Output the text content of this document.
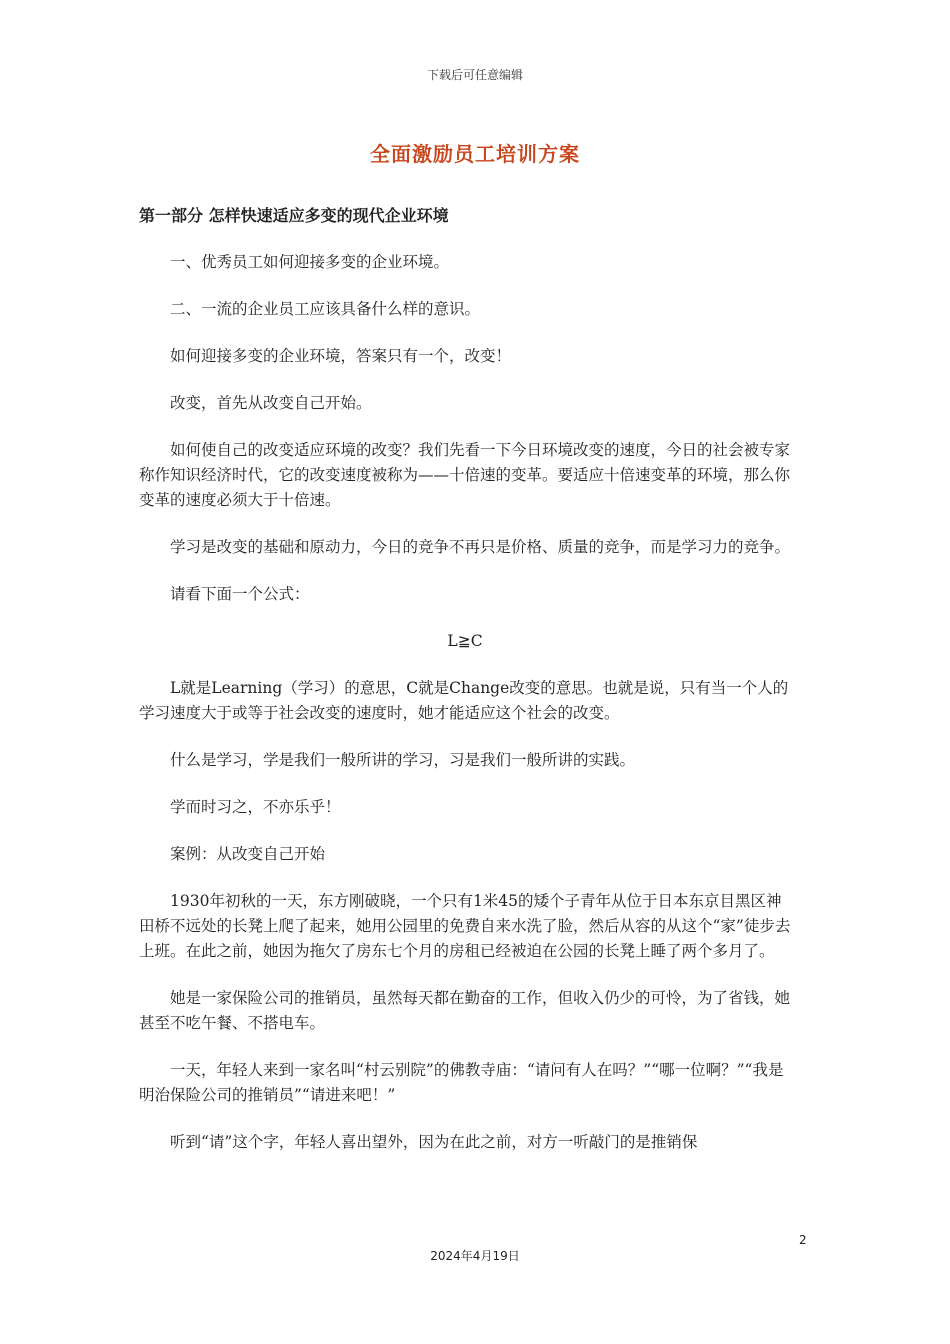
下载后可任意编辑
全面激励员工培训方案

第一部分 怎样快速适应多变的现代企业环境

一、优秀员工如何迎接多变的企业环境。

二、一流的企业员工应该具备什么样的意识。

如何迎接多变的企业环境，答案只有一个，改变！

改变，首先从改变自己开始。

如何使自己的改变适应环境的改变？我们先看一下今日环境改变的速度，今日的社会被专家称作知识经济时代，它的改变速度被称为——十倍速的变革。要适应十倍速变革的环境，那么你变革的速度必须大于十倍速。

学习是改变的基础和原动力，今日的竞争不再只是价格、质量的竞争，而是学习力的竞争。

请看下面一个公式：

L≧C

L就是Learning（学习）的意思，C就是Change改变的意思。也就是说，只有当一个人的学习速度大于或等于社会改变的速度时，她才能适应这个社会的改变。

什么是学习，学是我们一般所讲的学习，习是我们一般所讲的实践。

学而时习之，不亦乐乎！

案例：从改变自己开始

1930年初秋的一天，东方刚破晓，一个只有1米45的矮个子青年从位于日本东京目黑区神田桥不远处的长凳上爬了起来，她用公园里的免费自来水洗了脸，然后从容的从这个“家”徒步去上班。在此之前，她因为拖欠了房东七个月的房租已经被迫在公园的长凳上睡了两个多月了。

她是一家保险公司的推销员，虽然每天都在勤奋的工作，但收入仍少的可怜，为了省钱，她甚至不吃午餐、不搭电车。

一天，年轻人来到一家名叫“村云别院”的佛教寺庙：“请问有人在吗？”“哪一位啊？”“我是明治保险公司的推销员”“请进来吧！”

听到“请”这个字，年轻人喜出望外，因为在此之前，对方一听敲门的是推销保

2
2024年4月19日
